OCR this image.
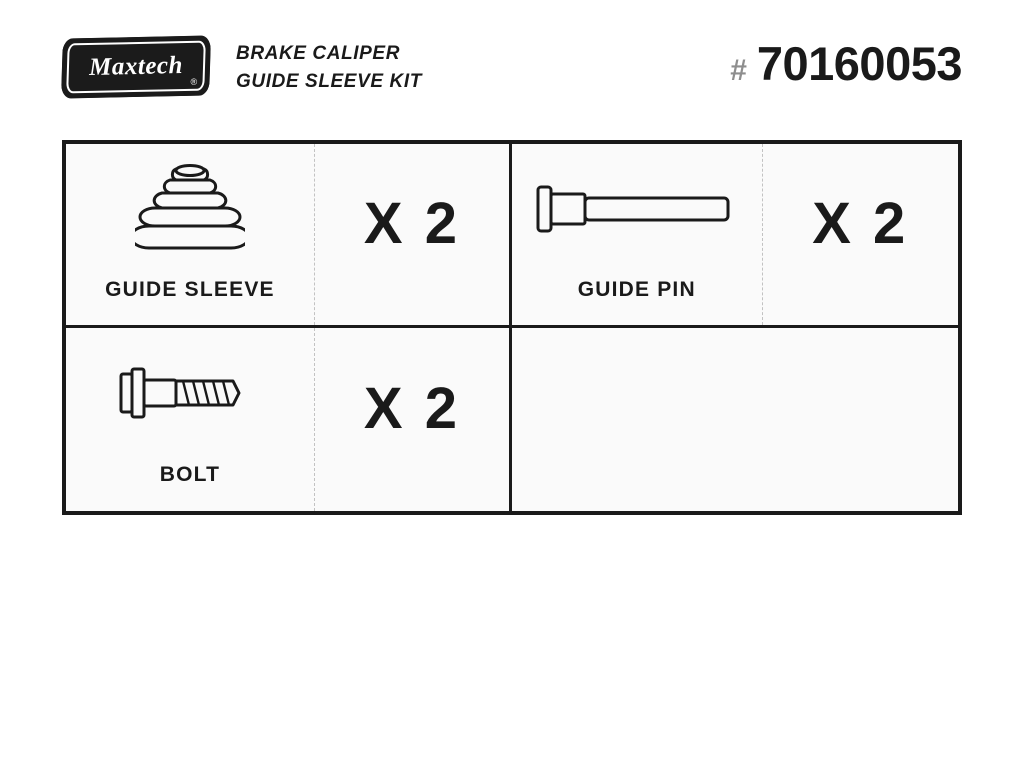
Maxtech
®
BRAKE CALIPER
GUIDE SLEEVE KIT	# 70160053
GUIDE SLEEVE
X 2
GUIDE PIN
X 2
BOLT
X 2
